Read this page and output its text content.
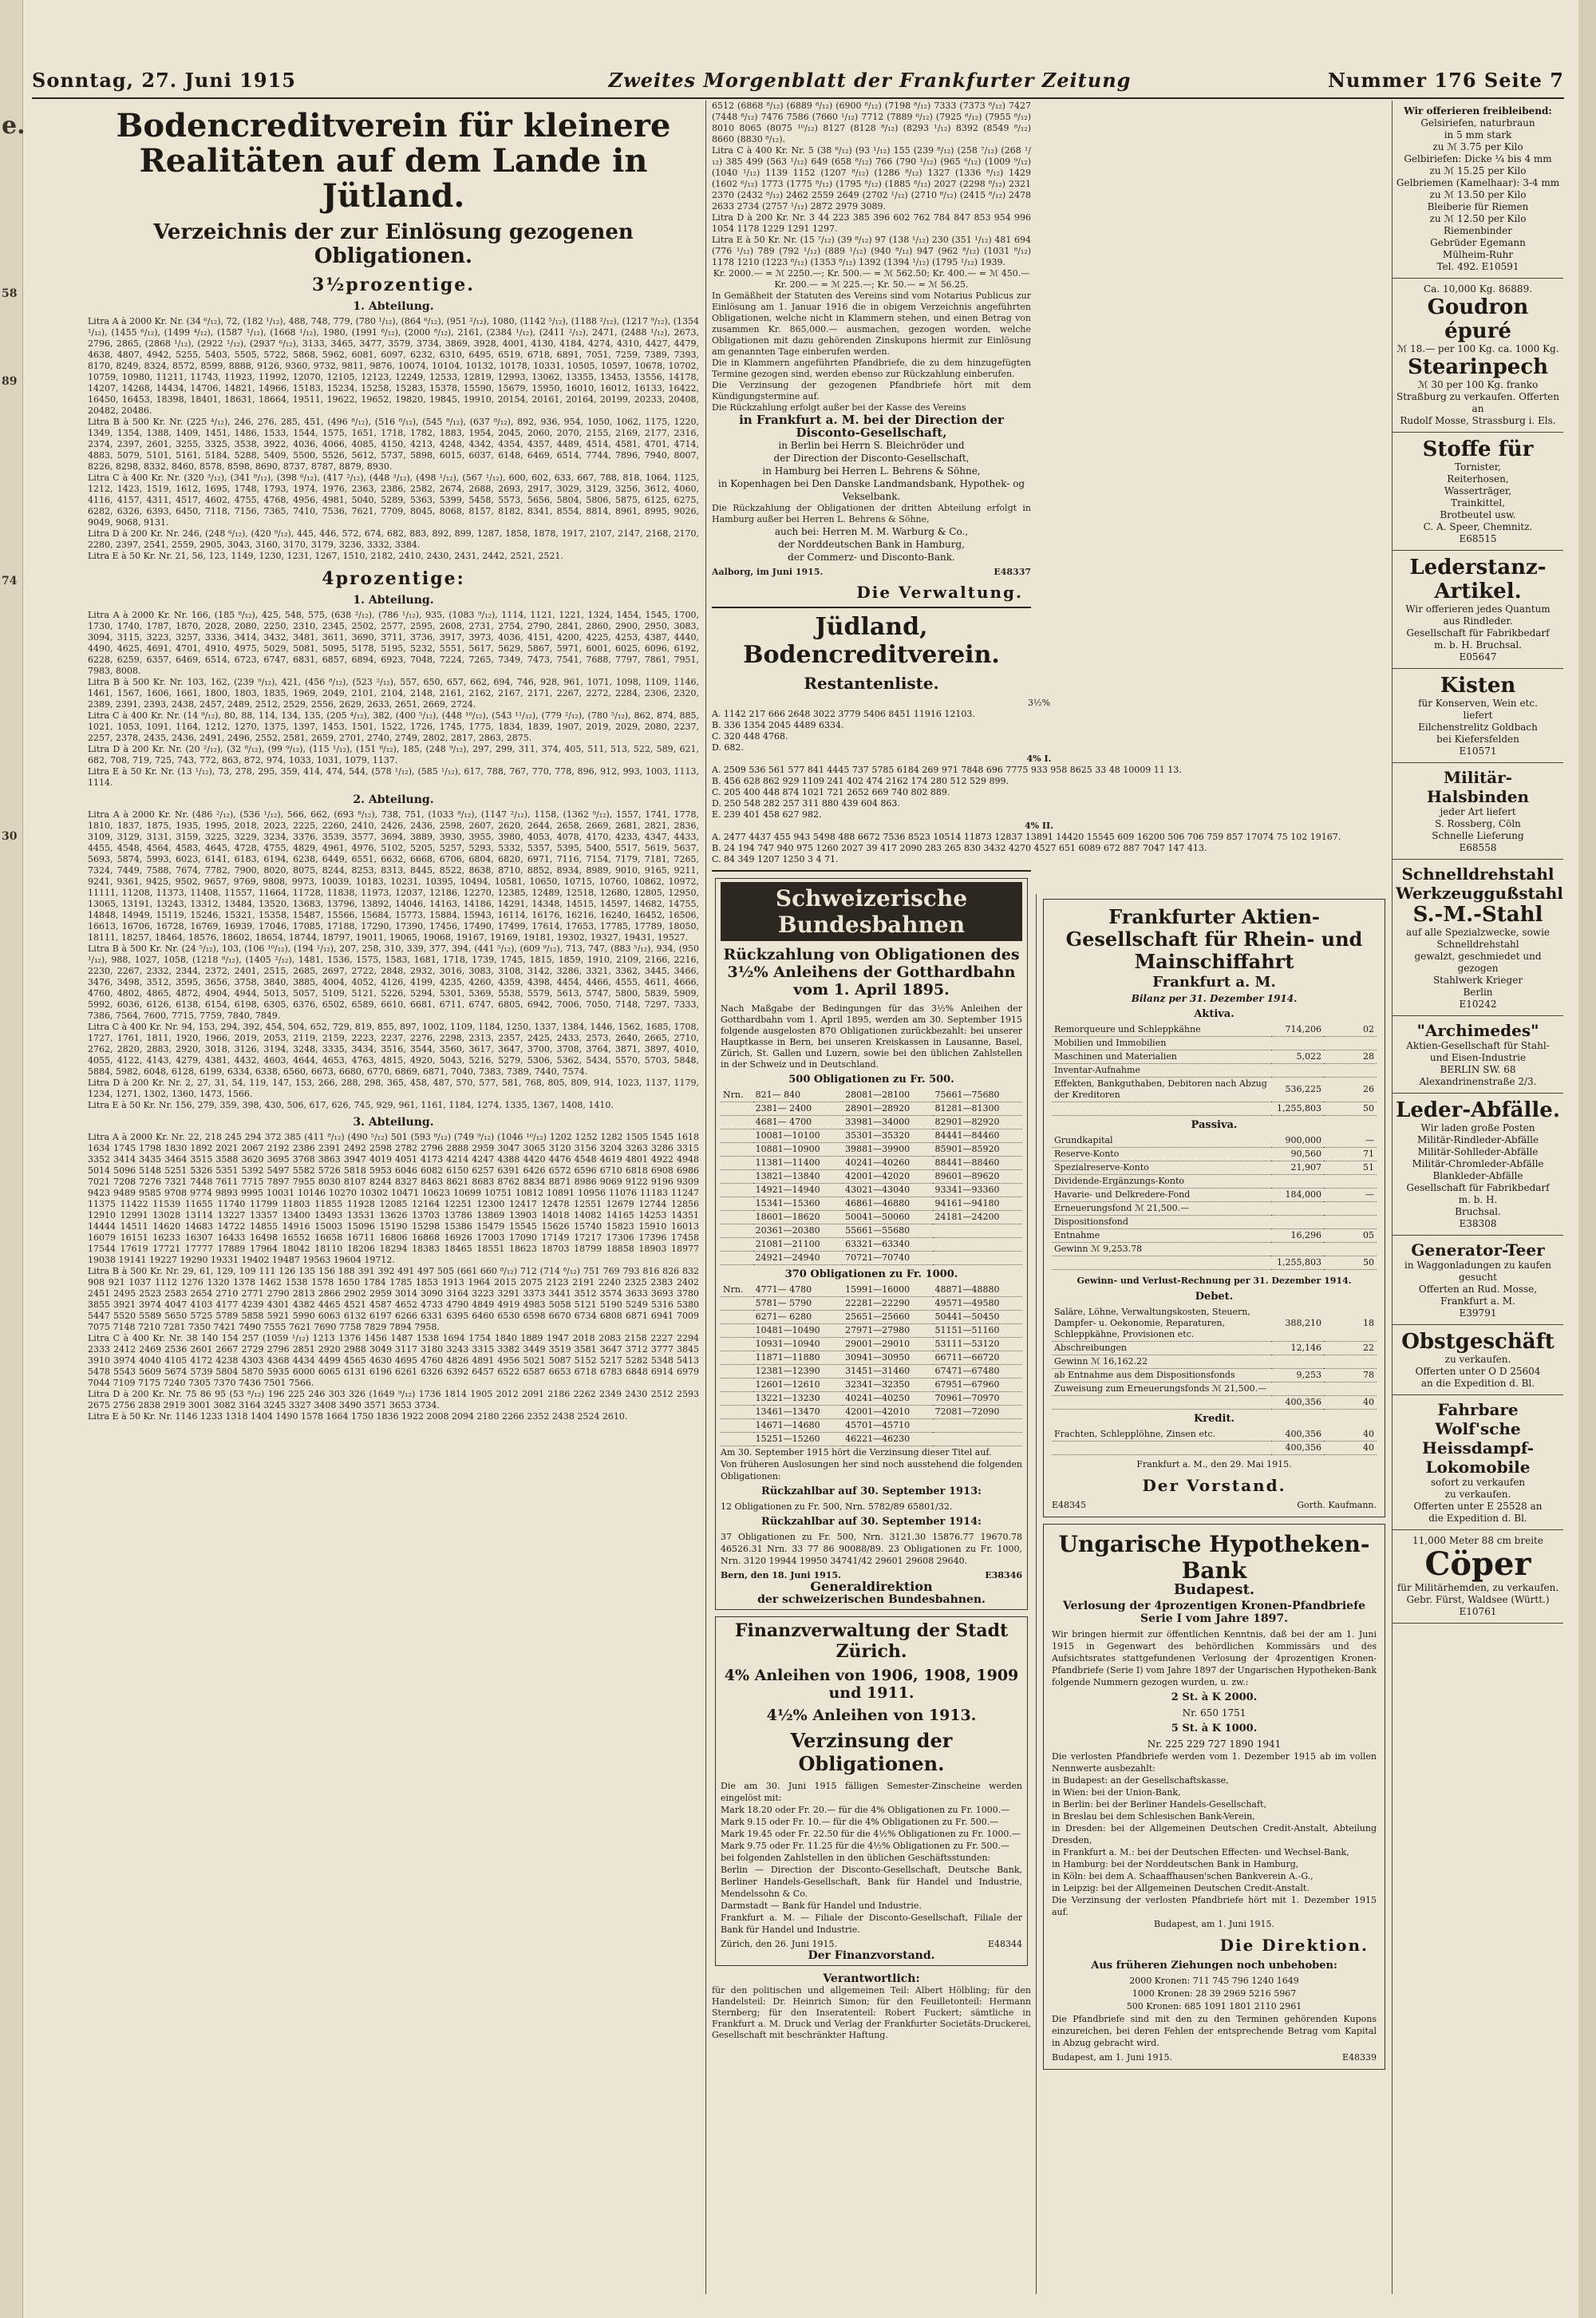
e.
58
89
74
30
Sonntag, 27. Juni 1915	Zweites Morgenblatt der Frankfurter Zeitung	Nummer 176 Seite 7
Bodencreditverein für kleinere Realitäten auf dem Lande in Jütland.
Verzeichnis der zur Einlösung gezogenen Obligationen.
3½prozentige.
1. Abteilung.
Litra A à 2000 Kr. Nr. (34 ⁶/₁₂), 72, (182 ¹/₁₂), 488, 748, 779, (780 ¹/₁₂), (864 ⁶/₁₂), (951 ²/₁₂), 1080, (1142 ⁵/₁₂), (1188 ²/₁₂), (1217 ⁹/₁₂), (1354 ¹/₁₂), (1455 ⁶/₁₂), (1499 ⁴/₁₂), (1587 ¹/₁₂), (1668 ¹/₁₂), 1980, (1991 ⁸/₁₂), (2000 ⁸/₁₂), 2161, (2384 ¹/₁₂), (2411 ²/₁₂), 2471, (2488 ¹/₁₂), 2673, 2796, 2865, (2868 ¹/₁₂), (2922 ¹/₁₂), (2937 ⁶/₁₂), 3133, 3465, 3477, 3579, 3734, 3869, 3928, 4001, 4130, 4184, 4274, 4310, 4427, 4479, 4638, 4807, 4942, 5255, 5403, 5505, 5722, 5868, 5962, 6081, 6097, 6232, 6310, 6495, 6519, 6718, 6891, 7051, 7259, 7389, 7393, 8170, 8249, 8324, 8572, 8599, 8888, 9126, 9360, 9732, 9811, 9876, 10074, 10104, 10132, 10178, 10331, 10505, 10597, 10678, 10702, 10759, 10980, 11211, 11743, 11923, 11992, 12070, 12105, 12123, 12249, 12533, 12819, 12993, 13062, 13355, 13453, 13556, 14178, 14207, 14268, 14434, 14706, 14821, 14966, 15183, 15234, 15258, 15283, 15378, 15590, 15679, 15950, 16010, 16012, 16133, 16422, 16450, 16453, 18398, 18401, 18631, 18664, 19511, 19622, 19652, 19820, 19845, 19910, 20154, 20161, 20164, 20199, 20233, 20408, 20482, 20486.
Litra B à 500 Kr. Nr. (225 ⁴/₁₂), 246, 276, 285, 451, (496 ⁸/₁₂), (516 ⁸/₁₂), (545 ⁸/₁₂), (637 ⁸/₁₂), 892, 936, 954, 1050, 1062, 1175, 1220, 1349, 1354, 1388, 1409, 1451, 1486, 1533, 1544, 1575, 1651, 1718, 1782, 1883, 1954, 2045, 2060, 2070, 2155, 2169, 2177, 2316, 2374, 2397, 2601, 3255, 3325, 3538, 3922, 4036, 4066, 4085, 4150, 4213, 4248, 4342, 4354, 4357, 4489, 4514, 4581, 4701, 4714, 4883, 5079, 5101, 5161, 5184, 5288, 5409, 5500, 5526, 5612, 5737, 5898, 6015, 6037, 6148, 6469, 6514, 7744, 7896, 7940, 8007, 8226, 8298, 8332, 8460, 8578, 8598, 8690, 8737, 8787, 8879, 8930.
Litra C à 400 Kr. Nr. (320 ³/₁₂), (341 ⁸/₁₂), (398 ⁶/₁₂), (417 ²/₁₂), (448 ³/₁₂), (498 ¹/₁₂), (567 ¹/₁₂), 600, 602, 633, 667, 788, 818, 1064, 1125, 1212, 1423, 1519, 1612, 1695, 1748, 1793, 1974, 1976, 2363, 2386, 2582, 2674, 2688, 2693, 2917, 3029, 3129, 3256, 3612, 4060, 4116, 4157, 4311, 4517, 4602, 4755, 4768, 4956, 4981, 5040, 5289, 5363, 5399, 5458, 5573, 5656, 5804, 5806, 5875, 6125, 6275, 6282, 6326, 6393, 6450, 7118, 7156, 7365, 7410, 7536, 7621, 7709, 8045, 8068, 8157, 8182, 8341, 8554, 8814, 8961, 8995, 9026, 9049, 9068, 9131.
Litra D à 200 Kr. Nr. 246, (248 ⁶/₁₂), (420 ⁹/₁₂), 445, 446, 572, 674, 682, 883, 892, 899, 1287, 1858, 1878, 1917, 2107, 2147, 2168, 2170, 2280, 2397, 2541, 2559, 2905, 3043, 3160, 3170, 3179, 3236, 3332, 3384.
Litra E à 50 Kr. Nr. 21, 56, 123, 1149, 1230, 1231, 1267, 1510, 2182, 2410, 2430, 2431, 2442, 2521, 2521.
4prozentige:
1. Abteilung.
Litra A à 2000 Kr. Nr. 166, (185 ⁸/₁₂), 425, 548, 575, (638 ²/₁₂), (786 ¹/₁₂), 935, (1083 ⁹/₁₂), 1114, 1121, 1221, 1324, 1454, 1545, 1700, 1730, 1740, 1787, 1870, 2028, 2080, 2250, 2310, 2345, 2502, 2577, 2595, 2608, 2731, 2754, 2790, 2841, 2860, 2900, 2950, 3083, 3094, 3115, 3223, 3257, 3336, 3414, 3432, 3481, 3611, 3690, 3711, 3736, 3917, 3973, 4036, 4151, 4200, 4225, 4253, 4387, 4440, 4490, 4625, 4691, 4701, 4910, 4975, 5029, 5081, 5095, 5178, 5195, 5232, 5551, 5617, 5629, 5867, 5971, 6001, 6025, 6096, 6192, 6228, 6259, 6357, 6469, 6514, 6723, 6747, 6831, 6857, 6894, 6923, 7048, 7224, 7265, 7349, 7473, 7541, 7688, 7797, 7861, 7951, 7983, 8008.
Litra B à 500 Kr. Nr. 103, 162, (239 ⁹/₁₂), 421, (456 ⁸/₁₂), (523 ²/₁₂), 557, 650, 657, 662, 694, 746, 928, 961, 1071, 1098, 1109, 1146, 1461, 1567, 1606, 1661, 1800, 1803, 1835, 1969, 2049, 2101, 2104, 2148, 2161, 2162, 2167, 2171, 2267, 2272, 2284, 2306, 2320, 2389, 2391, 2393, 2438, 2457, 2489, 2512, 2529, 2556, 2629, 2633, 2651, 2669, 2724.
Litra C à 400 Kr. Nr. (14 ⁹/₁₂), 80, 88, 114, 134, 135, (205 ⁴/₁₂), 382, (400 ⁵/₁₂), (448 ¹⁰/₁₂), (543 ¹¹/₁₂), (779 ²/₁₂), (780 ⁵/₁₂), 862, 874, 885, 1021, 1053, 1091, 1164, 1212, 1270, 1375, 1397, 1453, 1501, 1522, 1726, 1745, 1775, 1834, 1839, 1907, 2019, 2029, 2080, 2237, 2257, 2378, 2435, 2436, 2491, 2496, 2552, 2581, 2659, 2701, 2740, 2749, 2802, 2817, 2863, 2875.
Litra D à 200 Kr. Nr. (20 ²/₁₂), (32 ⁸/₁₂), (99 ⁹/₁₂), (115 ¹/₁₂), (151 ⁸/₁₂), 185, (248 ⁹/₁₂), 297, 299, 311, 374, 405, 511, 513, 522, 589, 621, 682, 708, 719, 725, 743, 772, 863, 872, 974, 1033, 1031, 1079, 1137.
Litra E à 50 Kr. Nr. (13 ¹/₁₂), 73, 278, 295, 359, 414, 474, 544, (578 ¹/₁₂), (585 ¹/₁₂), 617, 788, 767, 770, 778, 896, 912, 993, 1003, 1113, 1114.
2. Abteilung.
Litra A à 2000 Kr. Nr. (486 ²/₁₂), (536 ¹/₁₂), 566, 662, (693 ⁸/₁₂), 738, 751, (1033 ⁸/₁₂), (1147 ²/₁₂), 1158, (1362 ⁹/₁₂), 1557, 1741, 1778, 1810, 1837, 1875, 1935, 1995, 2018, 2023, 2225, 2260, 2410, 2426, 2436, 2598, 2607, 2620, 2644, 2658, 2669, 2681, 2821, 2836, 3109, 3129, 3131, 3159, 3225, 3229, 3234, 3376, 3539, 3577, 3694, 3889, 3930, 3955, 3980, 4053, 4078, 4170, 4233, 4347, 4433, 4455, 4548, 4564, 4583, 4645, 4728, 4755, 4829, 4961, 4976, 5102, 5205, 5257, 5293, 5332, 5357, 5395, 5400, 5517, 5619, 5637, 5693, 5874, 5993, 6023, 6141, 6183, 6194, 6238, 6449, 6551, 6632, 6668, 6706, 6804, 6820, 6971, 7116, 7154, 7179, 7181, 7265, 7324, 7449, 7588, 7674, 7782, 7900, 8020, 8075, 8244, 8253, 8313, 8445, 8522, 8638, 8710, 8852, 8934, 8989, 9010, 9165, 9211, 9241, 9361, 9425, 9502, 9657, 9769, 9808, 9973, 10039, 10183, 10231, 10395, 10494, 10581, 10650, 10715, 10760, 10862, 10972, 11111, 11208, 11373, 11408, 11557, 11664, 11728, 11838, 11973, 12037, 12186, 12270, 12385, 12489, 12518, 12680, 12805, 12950, 13065, 13191, 13243, 13312, 13484, 13520, 13683, 13796, 13892, 14046, 14163, 14186, 14291, 14348, 14515, 14597, 14682, 14755, 14848, 14949, 15119, 15246, 15321, 15358, 15487, 15566, 15684, 15773, 15884, 15943, 16114, 16176, 16216, 16240, 16452, 16506, 16613, 16706, 16728, 16769, 16939, 17046, 17085, 17188, 17290, 17390, 17456, 17490, 17499, 17614, 17653, 17785, 17789, 18050, 18111, 18257, 18464, 18576, 18602, 18654, 18744, 18797, 19011, 19065, 19068, 19167, 19169, 19181, 19302, 19327, 19431, 19527.
Litra B à 500 Kr. Nr. (24 ⁵/₁₂), 103, (106 ¹⁰/₁₂), (194 ¹/₁₂), 207, 258, 310, 339, 377, 394, (441 ⁵/₁₂), (609 ⁹/₁₂), 713, 747, (883 ⁵/₁₂), 934, (950 ¹/₁₂), 988, 1027, 1058, (1218 ⁸/₁₂), (1405 ²/₁₂), 1481, 1536, 1575, 1583, 1681, 1718, 1739, 1745, 1815, 1859, 1910, 2109, 2166, 2216, 2230, 2267, 2332, 2344, 2372, 2401, 2515, 2685, 2697, 2722, 2848, 2932, 3016, 3083, 3108, 3142, 3286, 3321, 3362, 3445, 3466, 3476, 3498, 3512, 3595, 3656, 3758, 3840, 3885, 4004, 4052, 4126, 4199, 4235, 4260, 4359, 4398, 4454, 4466, 4555, 4611, 4666, 4760, 4802, 4865, 4872, 4904, 4944, 5013, 5057, 5109, 5121, 5226, 5294, 5301, 5369, 5538, 5579, 5613, 5747, 5800, 5839, 5909, 5992, 6036, 6126, 6138, 6154, 6198, 6305, 6376, 6502, 6589, 6610, 6681, 6711, 6747, 6805, 6942, 7006, 7050, 7148, 7297, 7333, 7386, 7564, 7600, 7715, 7759, 7840, 7849.
Litra C à 400 Kr. Nr. 94, 153, 294, 392, 454, 504, 652, 729, 819, 855, 897, 1002, 1109, 1184, 1250, 1337, 1384, 1446, 1562, 1685, 1708, 1727, 1761, 1811, 1920, 1966, 2019, 2053, 2119, 2159, 2223, 2237, 2276, 2298, 2313, 2357, 2425, 2433, 2573, 2640, 2665, 2710, 2762, 2820, 2883, 2920, 3018, 3126, 3194, 3248, 3335, 3434, 3516, 3544, 3560, 3617, 3647, 3700, 3708, 3764, 3871, 3897, 4010, 4055, 4122, 4143, 4279, 4381, 4432, 4603, 4644, 4653, 4763, 4815, 4920, 5043, 5216, 5279, 5306, 5362, 5434, 5570, 5703, 5848, 5884, 5982, 6048, 6128, 6199, 6334, 6338, 6560, 6673, 6680, 6770, 6869, 6871, 7040, 7383, 7389, 7440, 7574.
Litra D à 200 Kr. Nr. 2, 27, 31, 54, 119, 147, 153, 266, 288, 298, 365, 458, 487, 570, 577, 581, 768, 805, 809, 914, 1023, 1137, 1179, 1234, 1271, 1302, 1360, 1473, 1566.
Litra E à 50 Kr. Nr. 156, 279, 359, 398, 430, 506, 617, 626, 745, 929, 961, 1161, 1184, 1274, 1335, 1367, 1408, 1410.
3. Abteilung.
Litra A à 2000 Kr. Nr. 22, 218 245 294 372 385 (411 ⁸/₁₂) (490 ⁵/₁₂) 501 (593 ⁸/₁₂) (749 ⁹/₁₂) (1046 ¹⁰/₁₂) 1202 1252 1282 1505 1545 1618 1634 1745 1798 1830 1892 2021 2067 2192 2386 2391 2492 2598 2782 2796 2888 2959 3047 3065 3120 3156 3204 3263 3286 3315 3352 3414 3435 3464 3515 3588 3620 3695 3768 3863 3947 4019 4051 4173 4214 4247 4388 4420 4476 4548 4619 4801 4922 4948 5014 5096 5148 5251 5326 5351 5392 5497 5582 5726 5818 5953 6046 6082 6150 6257 6391 6426 6572 6596 6710 6818 6908 6986 7021 7208 7276 7321 7448 7611 7715 7897 7955 8030 8107 8244 8327 8463 8621 8683 8762 8834 8871 8986 9069 9122 9196 9309 9423 9489 9585 9708 9774 9893 9995 10031 10146 10270 10302 10471 10623 10699 10751 10812 10891 10956 11076 11183 11247 11375 11422 11539 11655 11740 11799 11803 11855 11928 12085 12164 12251 12300 12417 12478 12551 12679 12744 12856 12910 12991 13028 13114 13227 13357 13400 13493 13531 13626 13703 13786 13869 13903 14018 14082 14165 14253 14351 14444 14511 14620 14683 14722 14855 14916 15003 15096 15190 15298 15386 15479 15545 15626 15740 15823 15910 16013 16079 16151 16233 16307 16433 16498 16552 16658 16711 16806 16868 16926 17003 17090 17149 17217 17306 17396 17458 17544 17619 17721 17777 17889 17964 18042 18110 18206 18294 18383 18465 18551 18623 18703 18799 18858 18903 18977 19038 19141 19227 19290 19331 19402 19487 19563 19604 19712.
Litra B à 500 Kr. Nr. 29, 61, 129, 109 111 126 135 156 188 391 392 491 497 505 (661 660 ⁸/₁₂) 712 (714 ⁸/₁₂) 751 769 793 816 826 832 908 921 1037 1112 1276 1320 1378 1462 1538 1578 1650 1784 1785 1853 1913 1964 2015 2075 2123 2191 2240 2325 2383 2402 2451 2495 2523 2583 2654 2710 2771 2790 2813 2866 2902 2959 3014 3090 3164 3223 3291 3373 3441 3512 3574 3633 3693 3780 3855 3921 3974 4047 4103 4177 4239 4301 4382 4465 4521 4587 4652 4733 4790 4849 4919 4983 5058 5121 5190 5249 5316 5380 5447 5520 5589 5650 5725 5789 5858 5921 5990 6063 6132 6197 6266 6331 6395 6460 6530 6598 6670 6734 6808 6871 6941 7009 7075 7148 7210 7281 7350 7421 7490 7555 7621 7690 7758 7829 7894 7958.
Litra C à 400 Kr. Nr. 38 140 154 257 (1059 ¹/₁₂) 1213 1376 1456 1487 1538 1694 1754 1840 1889 1947 2018 2083 2158 2227 2294 2333 2412 2469 2536 2601 2667 2729 2796 2851 2920 2988 3049 3117 3180 3243 3315 3382 3449 3519 3581 3647 3712 3777 3845 3910 3974 4040 4105 4172 4238 4303 4368 4434 4499 4565 4630 4695 4760 4826 4891 4956 5021 5087 5152 5217 5282 5348 5413 5478 5543 5609 5674 5739 5804 5870 5935 6000 6065 6131 6196 6261 6326 6392 6457 6522 6587 6653 6718 6783 6848 6914 6979 7044 7109 7175 7240 7305 7370 7436 7501 7566.
Litra D à 200 Kr. Nr. 75 86 95 (53 ⁸/₁₂) 196 225 246 303 326 (1649 ⁹/₁₂) 1736 1814 1905 2012 2091 2186 2262 2349 2430 2512 2593 2675 2756 2838 2919 3001 3082 3164 3245 3327 3408 3490 3571 3653 3734.
Litra E à 50 Kr. Nr. 1146 1233 1318 1404 1490 1578 1664 1750 1836 1922 2008 2094 2180 2266 2352 2438 2524 2610.
6512 (6868 ⁸/₁₂) (6889 ⁸/₁₂) (6900 ⁸/₁₂) (7198 ⁸/₁₂) 7333 (7373 ⁸/₁₂) 7427 (7448 ⁸/₁₂) 7476 7586 (7660 ¹/₁₂) 7712 (7889 ⁶/₁₂) (7925 ⁸/₁₂) (7955 ⁸/₁₂) 8010 8065 (8075 ¹⁰/₁₂) 8127 (8128 ⁸/₁₂) (8293 ¹/₁₂) 8392 (8549 ⁸/₁₂) 8660 (8830 ⁸/₁₂).
Litra C à 400 Kr. Nr. 5 (38 ⁸/₁₂) (93 ¹/₁₂) 155 (239 ⁸/₁₂) (258 ⁷/₁₂) (268 ¹/₁₂) 385 499 (563 ¹/₁₂) 649 (658 ⁸/₁₂) 766 (790 ¹/₁₂) (965 ⁶/₁₂) (1009 ⁹/₁₂) (1040 ¹/₁₂) 1139 1152 (1207 ⁸/₁₂) (1286 ⁸/₁₂) 1327 (1336 ⁸/₁₂) 1429 (1602 ⁶/₁₂) 1773 (1775 ⁸/₁₂) (1795 ⁸/₁₂) (1885 ⁸/₁₂) 2027 (2298 ⁸/₁₂) 2321 2370 (2432 ⁸/₁₂) 2462 2559 2649 (2702 ¹/₁₂) (2710 ⁸/₁₂) (2415 ⁸/₁₂) 2478 2633 2734 (2757 ¹/₁₂) 2872 2979 3089.
Litra D à 200 Kr. Nr. 3 44 223 385 396 602 762 784 847 853 954 996 1054 1178 1229 1291 1297.
Litra E à 50 Kr. Nr. (15 ⁷/₁₂) (39 ⁸/₁₂) 97 (138 ¹/₁₂) 230 (351 ¹/₁₂) 481 694 (776 ¹/₁₂) 789 (792 ¹/₁₂) (889 ¹/₁₂) (940 ⁸/₁₂) 947 (962 ⁸/₁₂) (1031 ⁸/₁₂) 1178 1210 (1223 ⁸/₁₂) (1353 ⁸/₁₂) 1392 (1394 ¹/₁₂) (1795 ¹/₁₂) 1939.
Kr. 2000.— = ℳ 2250.—; Kr. 500.— = ℳ 562.50; Kr. 400.— = ℳ 450.—
Kr. 200.— = ℳ 225.—; Kr. 50.— = ℳ 56.25.
In Gemäßheit der Statuten des Vereins sind vom Notarius Publicus zur Einlösung am 1. Januar 1916 die in obigem Verzeichnis angeführten Obligationen, welche nicht in Klammern stehen, und einen Betrag von zusammen Kr. 865,000.— ausmachen, gezogen worden, welche Obligationen mit dazu gehörenden Zinskupons hiermit zur Einlösung am genannten Tage einberufen werden.
Die in Klammern angeführten Pfandbriefe, die zu dem hinzugefügten Termine gezogen sind, werden ebenso zur Rückzahlung einberufen.
Die Verzinsung der gezogenen Pfandbriefe hört mit dem Kündigungstermine auf.
Die Rückzahlung erfolgt außer bei der Kasse des Vereins
in Frankfurt a. M. bei der Direction der Disconto-Gesellschaft,
in Berlin bei Herrn S. Bleichröder und
der Direction der Disconto-Gesellschaft,
in Hamburg bei Herren L. Behrens & Söhne,
in Kopenhagen bei Den Danske Landmandsbank, Hypothek- og Vekselbank.
Die Rückzahlung der Obligationen der dritten Abteilung erfolgt in Hamburg außer bei Herren L. Behrens & Söhne,
auch bei: Herren M. M. Warburg & Co.,
der Norddeutschen Bank in Hamburg,
der Commerz- und Disconto-Bank.
Aalborg, im Juni 1915.	E48337
Die Verwaltung.
Jüdland, Bodencreditverein.
Restantenliste.
3½%
A. 1142 217 666 2648 3022 3779 5406 8451 11916 12103.
B. 336 1354 2045 4489 6334.
C. 320 448 4768.
D. 682.
4% I.
A. 2509 536 561 577 841 4445 737 5785 6184 269 971 7848 696 7775 933 958 8625 33 48 10009 11 13.
B. 456 628 862 929 1109 241 402 474 2162 174 280 512 529 899.
C. 205 400 448 874 1021 721 2652 669 740 802 889.
D. 250 548 282 257 311 880 439 604 863.
E. 239 401 458 627 982.
4% II.
A. 2477 4437 455 943 5498 488 6672 7536 8523 10514 11873 12837 13891 14420 15545 609 16200 506 706 759 857 17074 75 102 19167.
B. 24 194 747 940 975 1260 2027 39 417 2090 283 265 830 3432 4270 4527 651 6089 672 887 7047 147 413.
C. 84 349 1207 1250 3 4 71.
Schweizerische Bundesbahnen
Rückzahlung von Obligationen des 3½% Anleihens der Gotthardbahn vom 1. April 1895.
Nach Maßgabe der Bedingungen für das 3½% Anleihen der Gotthardbahn vom 1. April 1895, werden am 30. September 1915 folgende ausgelosten 870 Obligationen zurückbezahlt: bei unserer Hauptkasse in Bern, bei unseren Kreiskassen in Lausanne, Basel, Zürich, St. Gallen und Luzern, sowie bei den üblichen Zahlstellen in der Schweiz und in Deutschland.
500 Obligationen zu Fr. 500.
Nrn.	821— 840	28081—28100	75661—75680
	2381— 2400	28901—28920	81281—81300
	4681— 4700	33981—34000	82901—82920
	10081—10100	35301—35320	84441—84460
	10881—10900	39881—39900	85901—85920
	11381—11400	40241—40260	88441—88460
	13821—13840	42001—42020	89601—89620
	14921—14940	43021—43040	93341—93360
	15341—15360	46861—46880	94161—94180
	18601—18620	50041—50060	24181—24200
	20361—20380	55661—55680	
	21081—21100	63321—63340	
	24921—24940	70721—70740	
370 Obligationen zu Fr. 1000.
Nrn.	4771— 4780	15991—16000	48871—48880
	5781— 5790	22281—22290	49571—49580
	6271— 6280	25651—25660	50441—50450
	10481—10490	27971—27980	51151—51160
	10931—10940	29001—29010	53111—53120
	11871—11880	30941—30950	66711—66720
	12381—12390	31451—31460	67471—67480
	12601—12610	32341—32350	67951—67960
	13221—13230	40241—40250	70961—70970
	13461—13470	42001—42010	72081—72090
	14671—14680	45701—45710	
	15251—15260	46221—46230	
Am 30. September 1915 hört die Verzinsung dieser Titel auf.
Von früheren Auslosungen her sind noch ausstehend die folgenden Obligationen:
Rückzahlbar auf 30. September 1913:
12 Obligationen zu Fr. 500, Nrn. 5782/89 65801/32.
Rückzahlbar auf 30. September 1914:
37 Obligationen zu Fr. 500, Nrn. 3121.30 15876.77 19670.78 46526.31 Nrn. 33 77 86 90088/89. 23 Obligationen zu Fr. 1000, Nrn. 3120 19944 19950 34741/42 29601 29608 29640.
Bern, den 18. Juni 1915.	E38346
Generaldirektion
der schweizerischen Bundesbahnen.
Finanzverwaltung der Stadt Zürich.
4% Anleihen von 1906, 1908, 1909 und 1911.
4½% Anleihen von 1913.
Verzinsung der Obligationen.
Die am 30. Juni 1915 fälligen Semester-Zinscheine werden eingelöst mit:
Mark 18.20 oder Fr. 20.— für die 4% Obligationen zu Fr. 1000.—
Mark 9.15 oder Fr. 10.— für die 4% Obligationen zu Fr. 500.—
Mark 19.45 oder Fr. 22.50 für die 4½% Obligationen zu Fr. 1000.—
Mark 9.75 oder Fr. 11.25 für die 4½% Obligationen zu Fr. 500.—
bei folgenden Zahlstellen in den üblichen Geschäftsstunden:
Berlin — Direction der Disconto-Gesellschaft, Deutsche Bank, Berliner Handels-Gesellschaft, Bank für Handel und Industrie, Mendelssohn & Co.
Darmstadt — Bank für Handel und Industrie.
Frankfurt a. M. — Filiale der Disconto-Gesellschaft, Filiale der Bank für Handel und Industrie.
Zürich, den 26. Juni 1915.	E48344
Der Finanzvorstand.
Verantwortlich:
für den politischen und allgemeinen Teil: Albert Hölbling; für den Handelsteil: Dr. Heinrich Simon; für den Feuilletonteil: Hermann Sternberg; für den Inseratenteil: Robert Fuckert; sämtliche in Frankfurt a. M. Druck und Verlag der Frankfurter Societäts-Druckerei, Gesellschaft mit beschränkter Haftung.
Frankfurter Aktien-Gesellschaft für Rhein- und Mainschiffahrt
Frankfurt a. M.
Bilanz per 31. Dezember 1914.
Aktiva.
Remorqueure und Schleppkähne	714,206	02
Mobilien und Immobilien		
Maschinen und Materialien	5,022	28
Inventar-Aufnahme		
Effekten, Bankguthaben, Debitoren nach Abzug der Kreditoren	536,225	26
	1,255,803	50
Passiva.
Grundkapital	900,000	—
Reserve-Konto	90,560	71
Spezialreserve-Konto	21,907	51
Dividende-Ergänzungs-Konto		
Havarie- und Delkredere-Fond	184,000	—
Erneuerungsfond ℳ 21,500.—		
Dispositionsfond		
Entnahme	16,296	05
Gewinn ℳ 9,253.78		
	1,255,803	50
Gewinn- und Verlust-Rechnung per 31. Dezember 1914.
Debet.
Saläre, Löhne, Verwaltungskosten, Steuern, Dampfer- u. Oekonomie, Reparaturen, Schleppkähne, Provisionen etc.	388,210	18
Abschreibungen	12,146	22
Gewinn ℳ 16,162.22		
ab Entnahme aus dem Dispositionsfonds	9,253	78
Zuweisung zum Erneuerungsfonds ℳ 21,500.—		
	400,356	40
Kredit.
Frachten, Schlepplöhne, Zinsen etc.	400,356	40
	400,356	40
Frankfurt a. M., den 29. Mai 1915.
Der Vorstand.
E48345	Gorth. Kaufmann.
Ungarische Hypotheken-Bank
Budapest.
Verlosung der 4prozentigen Kronen-Pfandbriefe Serie I vom Jahre 1897.
Wir bringen hiermit zur öffentlichen Kenntnis, daß bei der am 1. Juni 1915 in Gegenwart des behördlichen Kommissärs und des Aufsichtsrates stattgefundenen Verlosung der 4prozentigen Kronen-Pfandbriefe (Serie I) vom Jahre 1897 der Ungarischen Hypotheken-Bank folgende Nummern gezogen wurden, u. zw.:
2 St. à K 2000.
Nr. 650 1751
5 St. à K 1000.
Nr. 225 229 727 1890 1941
Die verlosten Pfandbriefe werden vom 1. Dezember 1915 ab im vollen Nennwerte ausbezahlt:
in Budapest: an der Gesellschaftskasse,
in Wien: bei der Union-Bank,
in Berlin: bei der Berliner Handels-Gesellschaft,
in Breslau bei dem Schlesischen Bank-Verein,
in Dresden: bei der Allgemeinen Deutschen Credit-Anstalt, Abteilung Dresden,
in Frankfurt a. M.: bei der Deutschen Effecten- und Wechsel-Bank,
in Hamburg: bei der Norddeutschen Bank in Hamburg,
in Köln: bei dem A. Schaaffhausen'schen Bankverein A.-G.,
in Leipzig: bei der Allgemeinen Deutschen Credit-Anstalt.
Die Verzinsung der verlosten Pfandbriefe hört mit 1. Dezember 1915 auf.
Budapest, am 1. Juni 1915.
Die Direktion.
Aus früheren Ziehungen noch unbehoben:
2000 Kronen: 711 745 796 1240 1649
1000 Kronen: 28 39 2969 5216 5967
500 Kronen: 685 1091 1801 2110 2961
Die Pfandbriefe sind mit den zu den Terminen gehörenden Kupons einzureichen, bei deren Fehlen der entsprechende Betrag vom Kapital in Abzug gebracht wird.
Budapest, am 1. Juni 1915.	E48339
Wir offerieren freibleibend:
Gelsiriefen, naturbraun
in 5 mm stark
zu ℳ 3.75 per Kilo
Gelbiriefen: Dicke ¼ bis 4 mm
zu ℳ 15.25 per Kilo
Gelbriemen (Kamelhaar): 3-4 mm
zu ℳ 13.50 per Kilo
Bleiberie für Riemen
zu ℳ 12.50 per Kilo
Riemenbinder
Gebrüder Egemann
Mülheim-Ruhr
Tel. 492. E10591
Ca. 10,000 Kg. 86889.
Goudron épuré
ℳ 18.— per 100 Kg. ca. 1000 Kg.
Stearinpech
ℳ 30 per 100 Kg. franko
Straßburg zu verkaufen. Offerten an
Rudolf Mosse, Strassburg i. Els.
Stoffe für
Tornister,
Reiterhosen,
Wasserträger,
Trainkittel,
Brotbeutel usw.
C. A. Speer, Chemnitz.
E68515
Lederstanz-Artikel.
Wir offerieren jedes Quantum aus Rindleder.
Gesellschaft für Fabrikbedarf
m. b. H. Bruchsal.
E05647
Kisten
für Konserven, Wein etc.
liefert
Eilchenstrelitz Goldbach
bei Kiefersfelden
E10571
Militär-Halsbinden
jeder Art liefert
S. Rossberg, Cöln
Schnelle Lieferung
E68558
Schnelldrehstahl Werkzeuggußstahl
S.-M.-Stahl
auf alle Spezialzwecke, sowie Schnelldrehstahl
gewalzt, geschmiedet und gezogen
Stahlwerk Krieger
Berlin
E10242
"Archimedes"
Aktien-Gesellschaft für Stahl- und Eisen-Industrie
BERLIN SW. 68
Alexandrinenstraße 2/3.
Leder-Abfälle.
Wir laden große Posten
Militär-Rindleder-Abfälle
Militär-Sohlleder-Abfälle
Militär-Chromleder-Abfälle
Blankleder-Abfälle
Gesellschaft für Fabrikbedarf
m. b. H.
Bruchsal.
E38308
Generator-Teer
in Waggonladungen zu kaufen gesucht
Offerten an Rud. Mosse, Frankfurt a. M.
E39791
Obstgeschäft
zu verkaufen.
Offerten unter O D 25604
an die Expedition d. Bl.
Fahrbare Wolf'sche Heissdampf-Lokomobile
sofort zu verkaufen
zu verkaufen.
Offerten unter E 25528 an
die Expedition d. Bl.
11,000 Meter 88 cm breite
Cöper
für Militärhemden, zu verkaufen.
Gebr. Fürst, Waldsee (Württ.)
E10761
